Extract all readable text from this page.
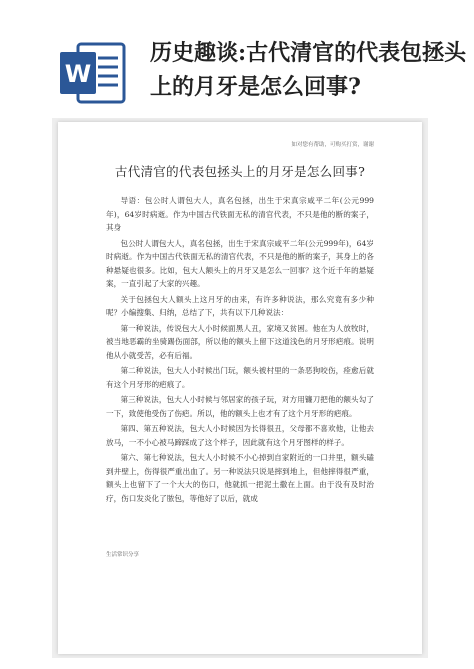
W
历史趣谈:古代清官的代表包拯头上的月牙是怎么回事?
如对您有帮助，可购买打赏，谢谢
古代清官的代表包拯头上的月牙是怎么回事?

导语：包公时人谓包大人，真名包拯，出生于宋真宗咸平二年(公元999年)，64岁时病逝。作为中国古代铁面无私的清官代表，不只是他的断的案子，其身

包公时人谓包大人，真名包拯，出生于宋真宗咸平二年(公元999年)，64岁时病逝。作为中国古代铁面无私的清官代表，不只是他的断的案子，其身上的各种悬疑也很多。比如，包大人额头上的月牙又是怎么一回事？这个近千年的悬疑案，一直引起了大家的兴趣。

关于包拯包大人额头上这月牙的由来，有许多种说法，那么究竟有多少种呢？小编搜集、归纳，总结了下，共有以下几种说法：

第一种说法，传说包大人小时候面黑人丑，家境又贫困。他在为人放牧时，被当地恶霸的坐骑踢伤面部，所以他的额头上留下这道浅色的月牙形疤痕。说明他从小就受苦，必有后福。

第二种说法，包大人小时候出门玩，额头被村里的一条恶狗咬伤，痊愈后就有这个月牙形的疤痕了。

第三种说法，包大人小时候与邻居家的孩子玩，对方用镰刀把他的额头勾了一下，致使他受伤了伤疤。所以，他的额头上也才有了这个月牙形的疤痕。

第四、第五种说法，包大人小时候因为长得很丑，父母都不喜欢他，让他去放马，一不小心被马蹄踩成了这个样子，因此就有这个月牙图样的样子。

第六、第七种说法，包大人小时候不小心掉到自家附近的一口井里，额头磕到井壁上，伤得很严重出血了。另一种说法只说是摔到地上，但他摔得很严重，额头上也留下了一个大大的伤口，他就抓一把泥土撒在上面。由于没有及时治疗，伤口发炎化了脓包，等他好了以后，就成

生活常识分享
